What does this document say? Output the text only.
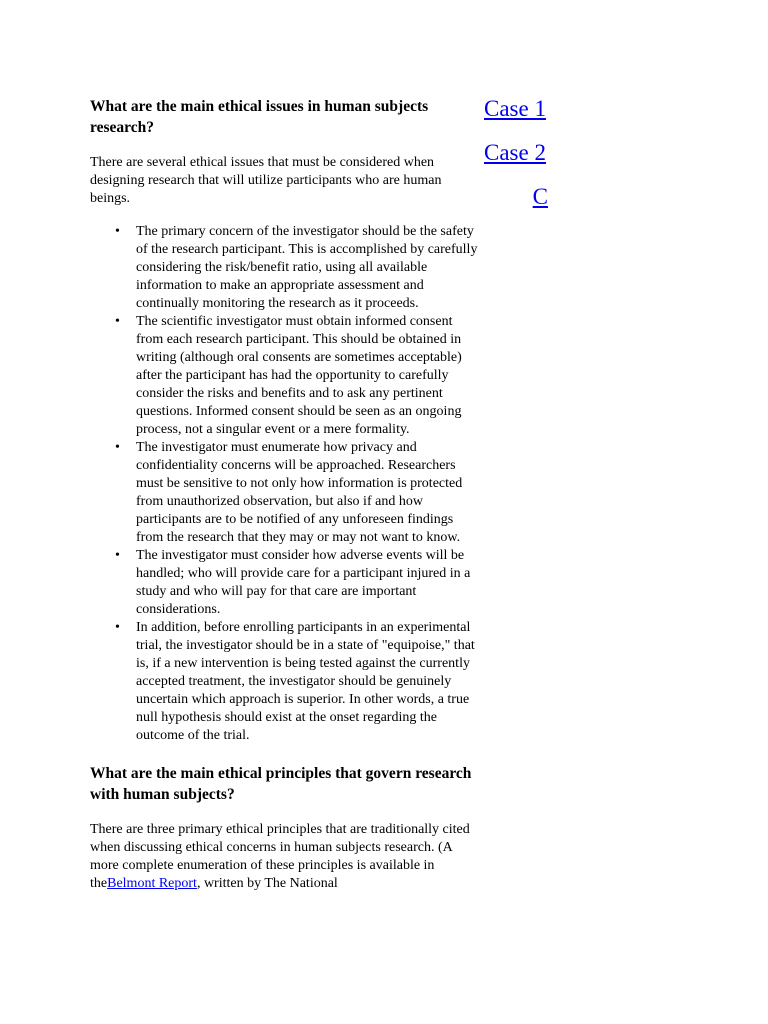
What are the main ethical issues in human subjects research?

There are several ethical issues that must be considered when designing research that will utilize participants who are human beings.

• The primary concern of the investigator should be the safety of the research participant. This is accomplished by carefully considering the risk/benefit ratio, using all available information to make an appropriate assessment and continually monitoring the research as it proceeds.
• The scientific investigator must obtain informed consent from each research participant. This should be obtained in writing (although oral consents are sometimes acceptable) after the participant has had the opportunity to carefully consider the risks and benefits and to ask any pertinent questions. Informed consent should be seen as an ongoing process, not a singular event or a mere formality.
• The investigator must enumerate how privacy and confidentiality concerns will be approached. Researchers must be sensitive to not only how information is protected from unauthorized observation, but also if and how participants are to be notified of any unforeseen findings from the research that they may or may not want to know.
• The investigator must consider how adverse events will be handled; who will provide care for a participant injured in a study and who will pay for that care are important considerations.
• In addition, before enrolling participants in an experimental trial, the investigator should be in a state of "equipoise," that is, if a new intervention is being tested against the currently accepted treatment, the investigator should be genuinely uncertain which approach is superior. In other words, a true null hypothesis should exist at the onset regarding the outcome of the trial.
What are the main ethical principles that govern research with human subjects?

There are three primary ethical principles that are traditionally cited when discussing ethical concerns in human subjects research. (A more complete enumeration of these principles is available in theBelmont Report, written by The National

Case 1
Case 2
C
